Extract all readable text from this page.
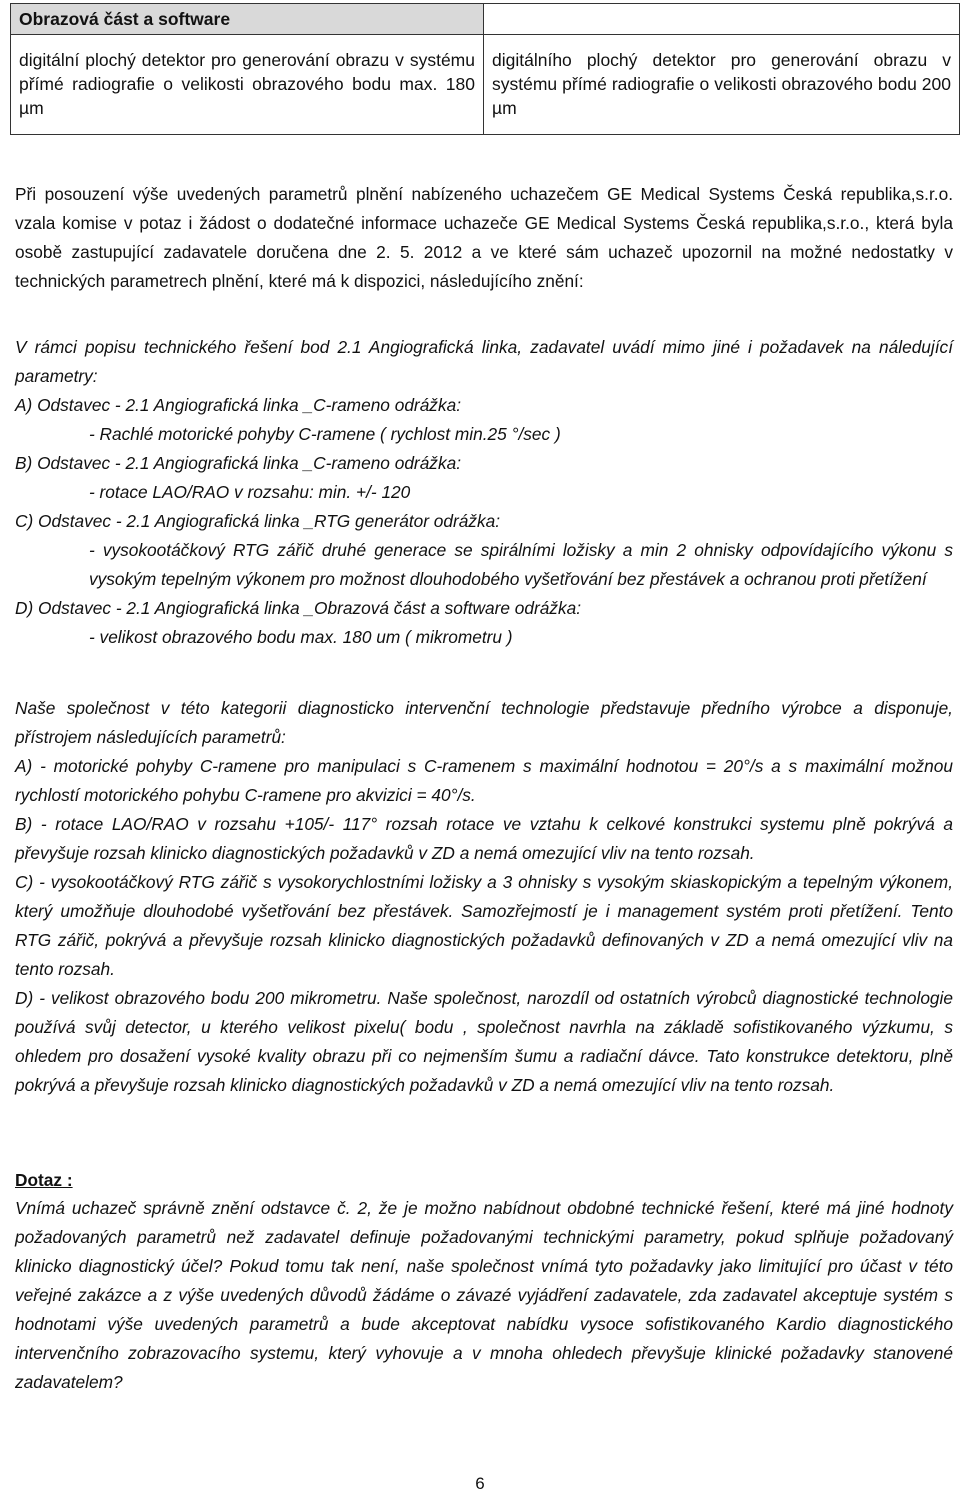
Obrazová část a software	
digitální plochý detektor pro generování obrazu v systému přímé radiografie o velikosti obrazového bodu max. 180 µm	digitálního plochý detektor pro generování obrazu v systému přímé radiografie o velikosti obrazového bodu 200 µm

Při posouzení výše uvedených parametrů plnění nabízeného uchazečem GE Medical Systems Česká republika,s.r.o. vzala komise v potaz i žádost o dodatečné informace uchazeče GE Medical Systems Česká republika,s.r.o., která byla osobě zastupující zadavatele doručena dne 2. 5. 2012 a ve které sám uchazeč upozornil na možné nedostatky v technických parametrech plnění, které má k dispozici, následujícího znění:

V rámci popisu technického řešení bod 2.1 Angiografická linka, zadavatel uvádí mimo jiné i požadavek na náledující parametry:

A) Odstavec - 2.1 Angiografická linka _C-rameno odrážka:

- Rachlé motorické pohyby C-ramene ( rychlost min.25 °/sec )

B) Odstavec - 2.1 Angiografická linka _C-rameno odrážka:

- rotace LAO/RAO v rozsahu: min. +/- 120

C) Odstavec - 2.1 Angiografická linka _RTG generátor odrážka:

- vysokootáčkový RTG zářič druhé generace se spirálními ložisky a min 2 ohnisky odpovídajícího výkonu s vysokým tepelným výkonem pro možnost dlouhodobého vyšetřování bez přestávek a ochranou proti přetížení

D) Odstavec - 2.1 Angiografická linka _Obrazová část a software odrážka:

- velikost obrazového bodu max. 180 um ( mikrometru )

Naše společnost v této kategorii diagnosticko intervenční technologie představuje předního výrobce a disponuje, přístrojem následujících parametrů:

A) - motorické pohyby C-ramene pro manipulaci s C-ramenem s maximální hodnotou = 20°/s a s maximální možnou rychlostí motorického pohybu C-ramene pro akvizici = 40°/s.

B) - rotace LAO/RAO v rozsahu +105/- 117° rozsah rotace ve vztahu k celkové konstrukci systemu plně pokrývá a převyšuje rozsah klinicko diagnostických požadavků v ZD a nemá omezující vliv na tento rozsah.

C) - vysokootáčkový RTG zářič s vysokorychlostními ložisky a 3 ohnisky s vysokým skiaskopickým a tepelným výkonem, který umožňuje dlouhodobé vyšetřování bez přestávek. Samozřejmostí je i management systém proti přetížení. Tento RTG zářič, pokrývá a převyšuje rozsah klinicko diagnostických požadavků definovaných v ZD a nemá omezující vliv na tento rozsah.

D) - velikost obrazového bodu 200 mikrometru. Naše společnost, narozdíl od ostatních výrobců diagnostické technologie používá svůj detector, u kterého velikost pixelu( bodu , společnost navrhla na základě sofistikovaného výzkumu, s ohledem pro dosažení vysoké kvality obrazu při co nejmenším šumu a radiační dávce. Tato konstrukce detektoru, plně pokrývá a převyšuje rozsah klinicko diagnostických požadavků v ZD a nemá omezující vliv na tento rozsah.

Dotaz :

Vnímá uchazeč správně znění odstavce č. 2, že je možno nabídnout obdobné technické řešení, které má jiné hodnoty požadovaných parametrů než zadavatel definuje požadovanými technickými parametry, pokud splňuje požadovaný klinicko diagnostický účel? Pokud tomu tak není, naše společnost vnímá tyto požadavky jako limitující pro účast v této veřejné zakázce a z výše uvedených důvodů žádáme o závazé vyjádření zadavatele, zda zadavatel akceptuje systém s hodnotami výše uvedených parametrů a bude akceptovat nabídku vysoce sofistikovaného Kardio diagnostického intervenčního zobrazovacího systemu, který vyhovuje a v mnoha ohledech převyšuje klinické požadavky stanovené zadavatelem?

6
